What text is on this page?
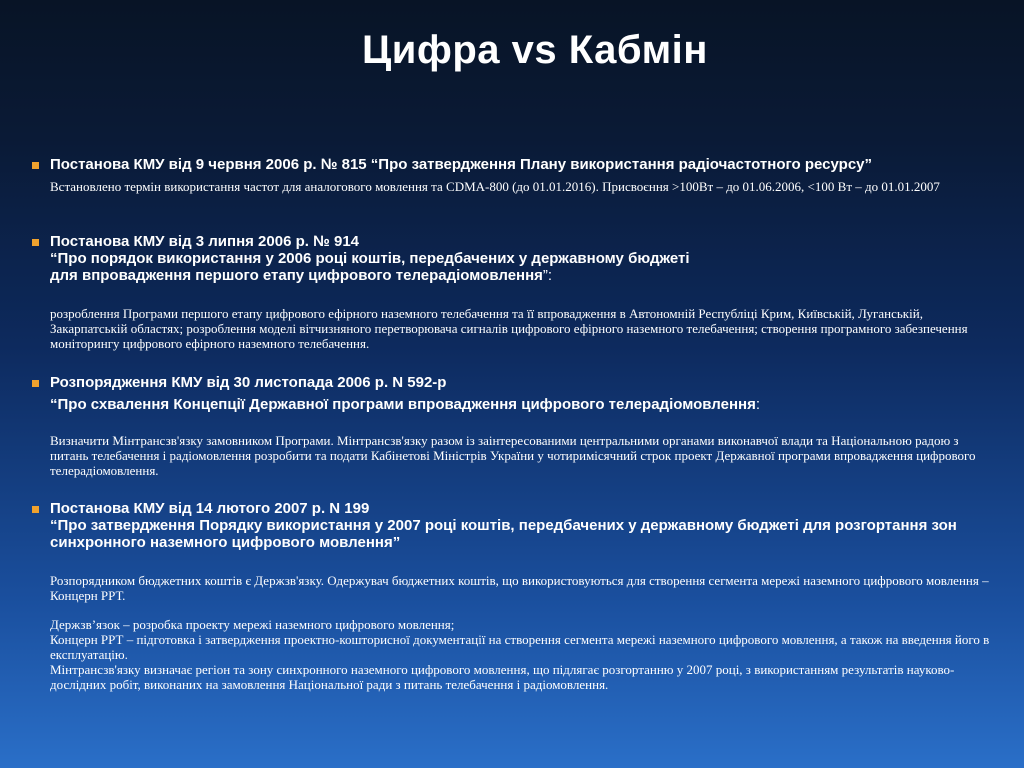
Цифра vs Кабмін
Постанова КМУ від 9 червня 2006 р. № 815 “Про затвердження Плану використання радіочастотного ресурсу”
Встановлено термін використання частот для аналогового мовлення та CDMA-800 (до 01.01.2016). Присвоєння >100Вт – до 01.06.2006, <100 Вт – до 01.01.2007
Постанова КМУ від 3 липня 2006 р. № 914
“Про порядок використання у 2006 році коштів, передбачених у державному бюджеті
для впровадження першого етапу цифрового телерадіомовлення”:
розроблення Програми першого етапу цифрового ефірного наземного телебачення та її впровадження в Автономній Республіці Крим, Київській, Луганській, Закарпатській областях; розроблення моделі вітчизняного перетворювача сигналів цифрового ефірного наземного телебачення; створення програмного забезпечення моніторингу цифрового ефірного наземного телебачення.
Розпорядження КМУ від 30 листопада 2006 р. N 592-р
“Про схвалення Концепції Державної програми впровадження цифрового телерадіомовлення:
Визначити Мінтрансзв'язку замовником Програми. Мінтрансзв'язку разом із заінтересованими центральними органами виконавчої влади та Національною радою з питань телебачення і радіомовлення розробити та подати Кабінетові Міністрів України у чотиримісячний строк проект Державної програми впровадження цифрового телерадіомовлення.
Постанова КМУ від 14 лютого 2007 р. N 199
“Про затвердження Порядку використання у 2007 році коштів, передбачених у державному бюджеті для розгортання зон синхронного наземного цифрового мовлення”
Розпорядником бюджетних коштів є Держзв'язку. Одержувач бюджетних коштів, що використовуються для створення сегмента мережі наземного цифрового мовлення – Концерн РРТ.
Держзв’язок – розробка проекту мережі наземного цифрового мовлення;
Концерн РРТ – підготовка і затвердження проектно-кошторисної документації на створення сегмента мережі наземного цифрового мовлення, а також на введення його в експлуатацію.
Мінтрансзв'язку визначає регіон та зону синхронного наземного цифрового мовлення, що підлягає розгортанню у 2007 році, з використанням результатів науково-дослідних робіт, виконаних на замовлення Національної ради з питань телебачення і радіомовлення.
